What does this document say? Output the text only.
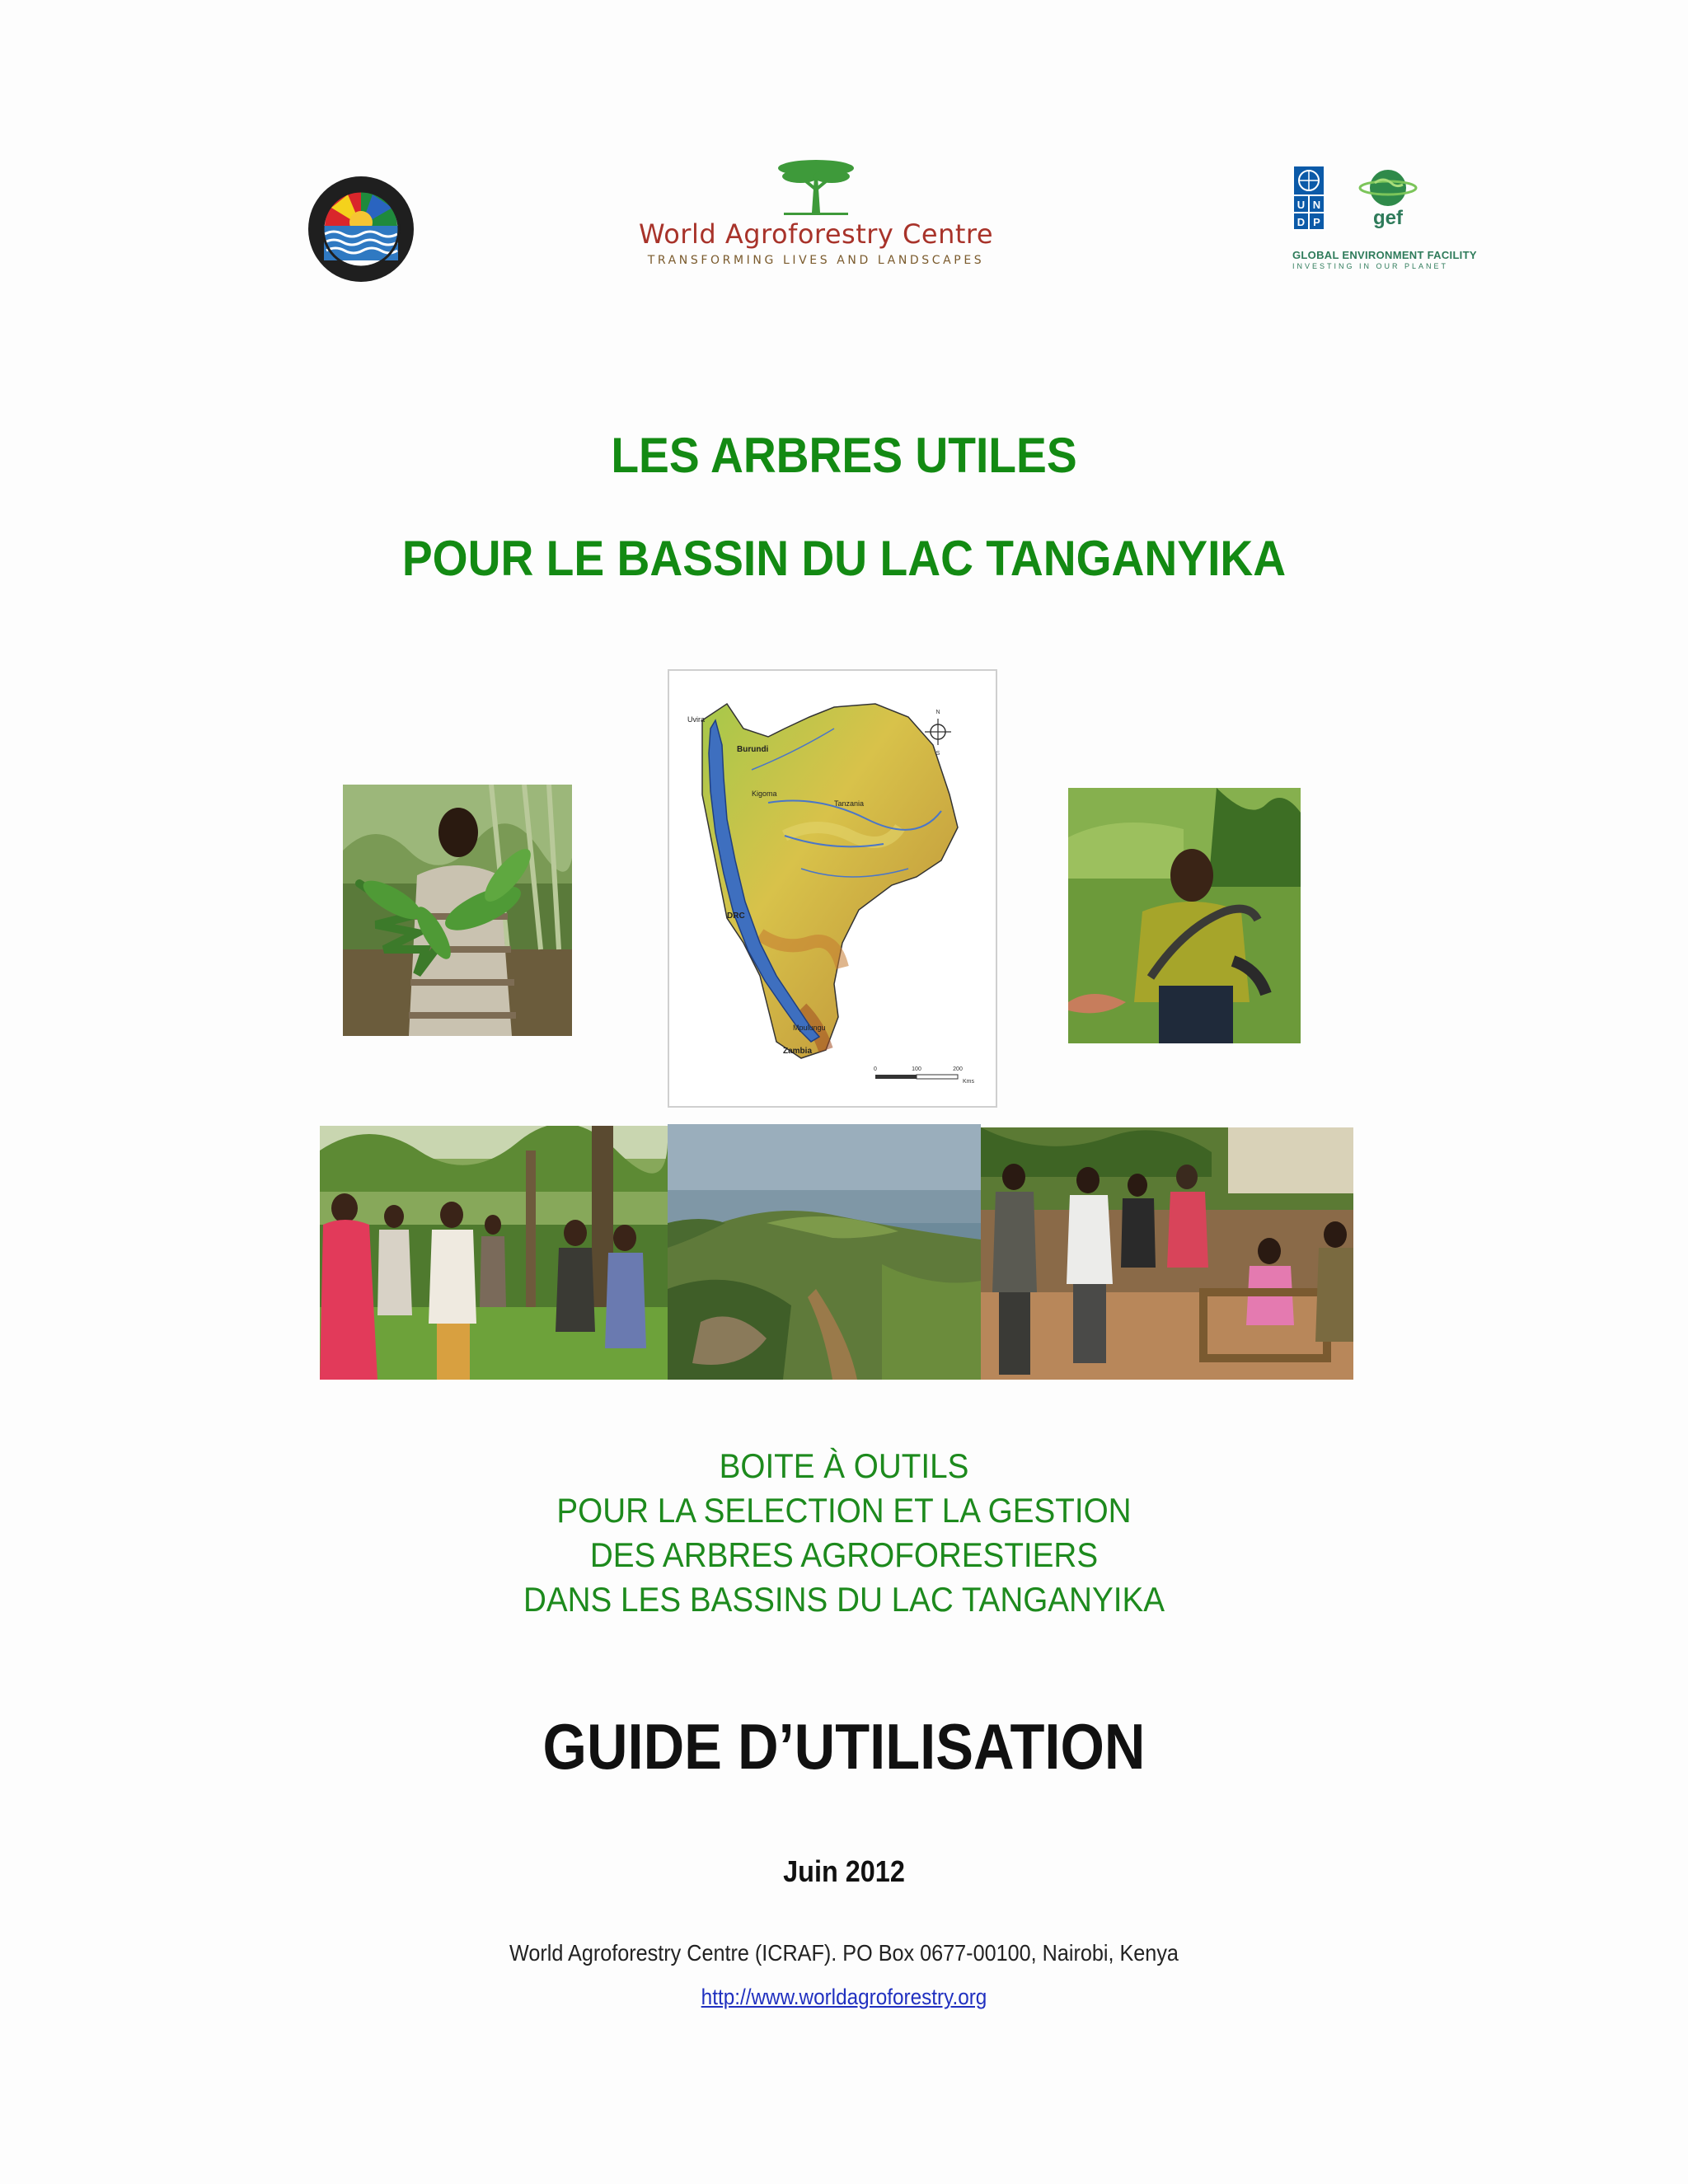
World Agroforestry Centre
TRANSFORMING LIVES AND LANDSCAPES
U N
D P	gef
GLOBAL ENVIRONMENT FACILITY
INVESTING IN OUR PLANET
LES ARBRES UTILES
POUR LE BASSIN DU LAC TANGANYIKA
Uvira
Burundi
Kigoma
Tanzania
DRC
Mpulungu
Zambia
N
S
0	100	200
Kms
BOITE À OUTILS
POUR LA SELECTION ET LA GESTION
DES ARBRES AGROFORESTIERS
DANS LES BASSINS DU LAC TANGANYIKA
GUIDE D’UTILISATION
Juin 2012
World Agroforestry Centre (ICRAF). PO Box 0677-00100, Nairobi, Kenya
http://www.worldagroforestry.org
